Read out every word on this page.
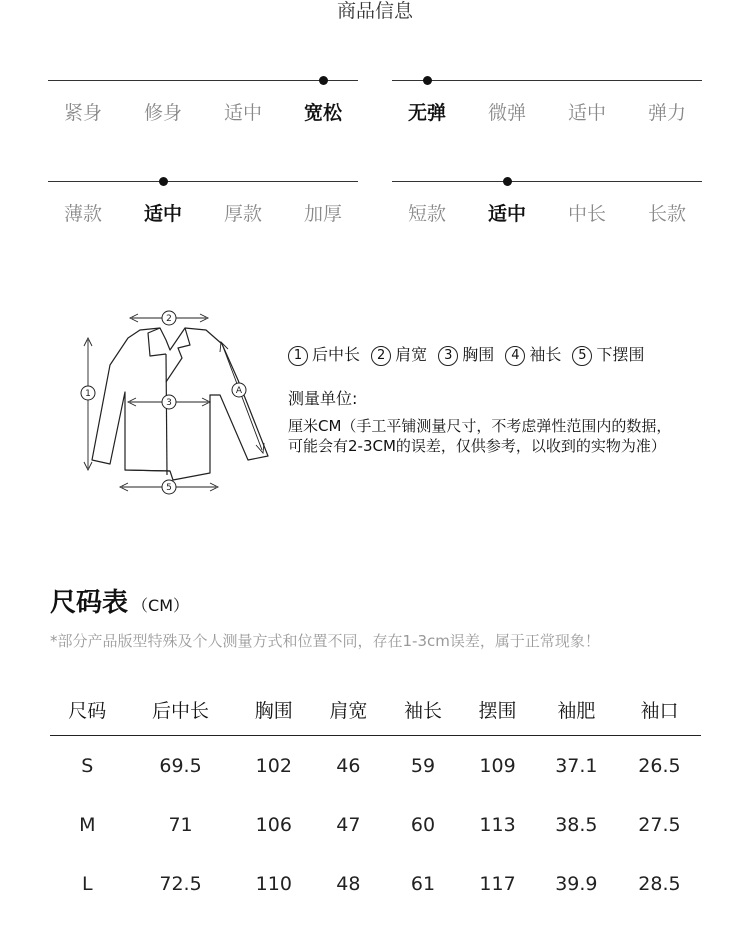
商品信息
紧身	修身	适中	宽松	无弹	微弹	适中	弹力
薄款	适中	厚款	加厚	短款	适中	中长	长款
1
2
3
A
5
1 后中长 2 肩宽 3 胸围 4 袖长 5 下摆围
测量单位:
厘米CM（手工平铺测量尺寸，不考虑弹性范围内的数据，
可能会有2-3CM的误差，仅供参考，以收到的实物为准）
尺码表 （CM）
*部分产品版型特殊及个人测量方式和位置不同，存在1-3cm误差，属于正常现象！
尺码	后中长	胸围	肩宽	袖长	摆围	袖肥	袖口
S	69.5	102	46	59	109	37.1	26.5
M	71	106	47	60	113	38.5	27.5
L	72.5	110	48	61	117	39.9	28.5
